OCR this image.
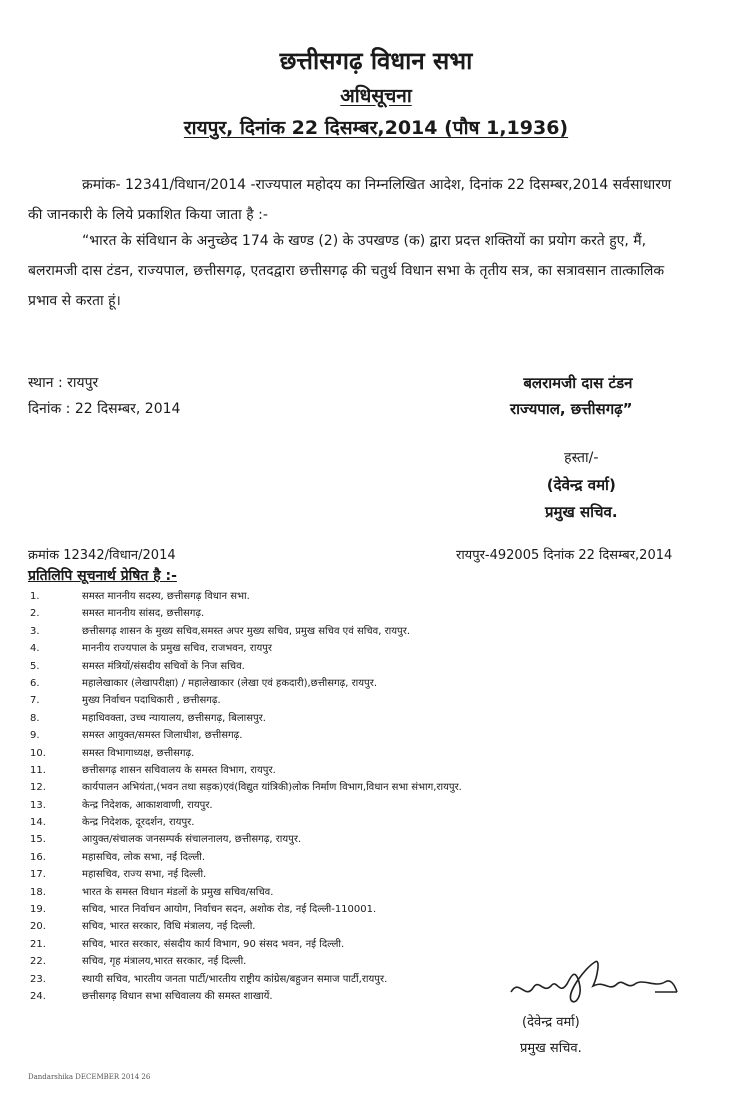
छत्तीसगढ़ विधान सभा
अधिसूचना
रायपुर, दिनांक 22 दिसम्बर,2014 (पौष 1,1936)
क्रमांक- 12341/विधान/2014 -राज्यपाल महोदय का निम्नलिखित आदेश, दिनांक 22 दिसम्बर,2014 सर्वसाधारण की जानकारी के लिये प्रकाशित किया जाता है :-
“भारत के संविधान के अनुच्छेद 174 के खण्ड (2) के उपखण्ड (क) द्वारा प्रदत्त शक्तियों का प्रयोग करते हुए, मैं, बलरामजी दास टंडन, राज्यपाल, छत्तीसगढ़, एतदद्वारा छत्तीसगढ़ की चतुर्थ विधान सभा के तृतीय सत्र, का सत्रावसान तात्कालिक प्रभाव से करता हूं।
स्थान : रायपुर
दिनांक : 22 दिसम्बर, 2014
बलरामजी दास टंडन
राज्यपाल, छत्तीसगढ़”
हस्ता/-
(देवेन्द्र वर्मा)
प्रमुख सचिव.
क्रमांक 12342/विधान/2014	रायपुर-492005 दिनांक 22 दिसम्बर,2014
प्रतिलिपि सूचनार्थ प्रेषित है :-
1.	समस्त माननीय सदस्य, छत्तीसगढ़ विधान सभा.
2.	समस्त माननीय सांसद, छत्तीसगढ़.
3.	छत्तीसगढ़ शासन के मुख्य सचिव,समस्त अपर मुख्य सचिव, प्रमुख सचिव एवं सचिव, रायपुर.
4.	माननीय राज्यपाल के प्रमुख सचिव, राजभवन, रायपुर
5.	समस्त मंत्रियों/संसदीय सचिवों के निज सचिव.
6.	महालेखाकार (लेखापरीक्षा) / महालेखाकार (लेखा एवं हकदारी),छत्तीसगढ़, रायपुर.
7.	मुख्य निर्वाचन पदाधिकारी , छत्तीसगढ़.
8.	महाधिवक्ता, उच्च न्यायालय, छत्तीसगढ़, बिलासपुर.
9.	समस्त आयुक्त/समस्त जिलाधीश, छत्तीसगढ़.
10.	समस्त विभागाध्यक्ष, छत्तीसगढ़.
11.	छत्तीसगढ़ शासन सचिवालय के समस्त विभाग, रायपुर.
12.	कार्यपालन अभियंता,(भवन तथा सड़क)एवं(विद्युत यांत्रिकी)लोक निर्माण विभाग,विधान सभा संभाग,रायपुर.
13.	केन्द्र निदेशक, आकाशवाणी, रायपुर.
14.	केन्द्र निदेशक, दूरदर्शन, रायपुर.
15.	आयुक्त/संचालक जनसम्पर्क संचालनालय, छत्तीसगढ़, रायपुर.
16.	महासचिव, लोक सभा, नई दिल्ली.
17.	महासचिव, राज्य सभा, नई दिल्ली.
18.	भारत के समस्त विधान मंडलों के प्रमुख सचिव/सचिव.
19.	सचिव, भारत निर्वाचन आयोग, निर्वाचन सदन, अशोक रोड, नई दिल्ली-110001.
20.	सचिव, भारत सरकार, विधि मंत्रालय, नई दिल्ली.
21.	सचिव, भारत सरकार, संसदीय कार्य विभाग, 90 संसद भवन, नई दिल्ली.
22.	सचिव, गृह मंत्रालय,भारत सरकार, नई दिल्ली.
23.	स्थायी सचिव, भारतीय जनता पार्टी/भारतीय राष्ट्रीय कांग्रेस/बहुजन समाज पार्टी,रायपुर.
24.	छत्तीसगढ़ विधान सभा सचिवालय की समस्त शाखायें.
(देवेन्द्र वर्मा)
प्रमुख सचिव.
Dandarshika DECEMBER 2014 26
